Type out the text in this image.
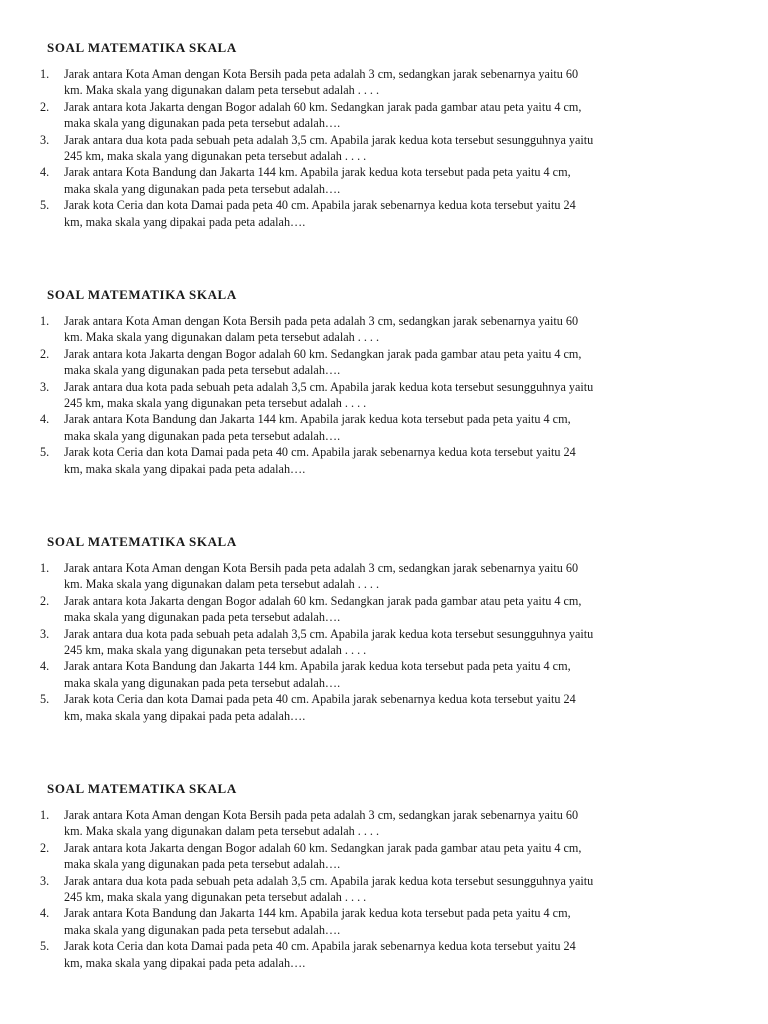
SOAL MATEMATIKA SKALA
1.	Jarak antara Kota Aman dengan Kota Bersih pada peta adalah 3 cm, sedangkan jarak sebenarnya yaitu 60
km. Maka skala yang digunakan dalam peta tersebut adalah . . . .
2.	Jarak antara kota Jakarta dengan Bogor adalah 60 km. Sedangkan jarak pada gambar atau peta yaitu 4 cm,
maka skala yang digunakan pada peta tersebut adalah….
3.	Jarak antara dua kota pada sebuah peta adalah 3,5 cm. Apabila jarak kedua kota tersebut sesungguhnya yaitu
245 km, maka skala yang digunakan peta tersebut adalah . . . .
4.	Jarak antara Kota Bandung dan Jakarta 144 km. Apabila jarak kedua kota tersebut pada peta yaitu 4 cm,
maka skala yang digunakan pada peta tersebut adalah….
5.	Jarak kota Ceria dan kota Damai pada peta 40 cm. Apabila jarak sebenarnya kedua kota tersebut yaitu 24
km, maka skala yang dipakai pada peta adalah….
SOAL MATEMATIKA SKALA
1.	Jarak antara Kota Aman dengan Kota Bersih pada peta adalah 3 cm, sedangkan jarak sebenarnya yaitu 60
km. Maka skala yang digunakan dalam peta tersebut adalah . . . .
2.	Jarak antara kota Jakarta dengan Bogor adalah 60 km. Sedangkan jarak pada gambar atau peta yaitu 4 cm,
maka skala yang digunakan pada peta tersebut adalah….
3.	Jarak antara dua kota pada sebuah peta adalah 3,5 cm. Apabila jarak kedua kota tersebut sesungguhnya yaitu
245 km, maka skala yang digunakan peta tersebut adalah . . . .
4.	Jarak antara Kota Bandung dan Jakarta 144 km. Apabila jarak kedua kota tersebut pada peta yaitu 4 cm,
maka skala yang digunakan pada peta tersebut adalah….
5.	Jarak kota Ceria dan kota Damai pada peta 40 cm. Apabila jarak sebenarnya kedua kota tersebut yaitu 24
km, maka skala yang dipakai pada peta adalah….
SOAL MATEMATIKA SKALA
1.	Jarak antara Kota Aman dengan Kota Bersih pada peta adalah 3 cm, sedangkan jarak sebenarnya yaitu 60
km. Maka skala yang digunakan dalam peta tersebut adalah . . . .
2.	Jarak antara kota Jakarta dengan Bogor adalah 60 km. Sedangkan jarak pada gambar atau peta yaitu 4 cm,
maka skala yang digunakan pada peta tersebut adalah….
3.	Jarak antara dua kota pada sebuah peta adalah 3,5 cm. Apabila jarak kedua kota tersebut sesungguhnya yaitu
245 km, maka skala yang digunakan peta tersebut adalah . . . .
4.	Jarak antara Kota Bandung dan Jakarta 144 km. Apabila jarak kedua kota tersebut pada peta yaitu 4 cm,
maka skala yang digunakan pada peta tersebut adalah….
5.	Jarak kota Ceria dan kota Damai pada peta 40 cm. Apabila jarak sebenarnya kedua kota tersebut yaitu 24
km, maka skala yang dipakai pada peta adalah….
SOAL MATEMATIKA SKALA
1.	Jarak antara Kota Aman dengan Kota Bersih pada peta adalah 3 cm, sedangkan jarak sebenarnya yaitu 60
km. Maka skala yang digunakan dalam peta tersebut adalah . . . .
2.	Jarak antara kota Jakarta dengan Bogor adalah 60 km. Sedangkan jarak pada gambar atau peta yaitu 4 cm,
maka skala yang digunakan pada peta tersebut adalah….
3.	Jarak antara dua kota pada sebuah peta adalah 3,5 cm. Apabila jarak kedua kota tersebut sesungguhnya yaitu
245 km, maka skala yang digunakan peta tersebut adalah . . . .
4.	Jarak antara Kota Bandung dan Jakarta 144 km. Apabila jarak kedua kota tersebut pada peta yaitu 4 cm,
maka skala yang digunakan pada peta tersebut adalah….
5.	Jarak kota Ceria dan kota Damai pada peta 40 cm. Apabila jarak sebenarnya kedua kota tersebut yaitu 24
km, maka skala yang dipakai pada peta adalah….
